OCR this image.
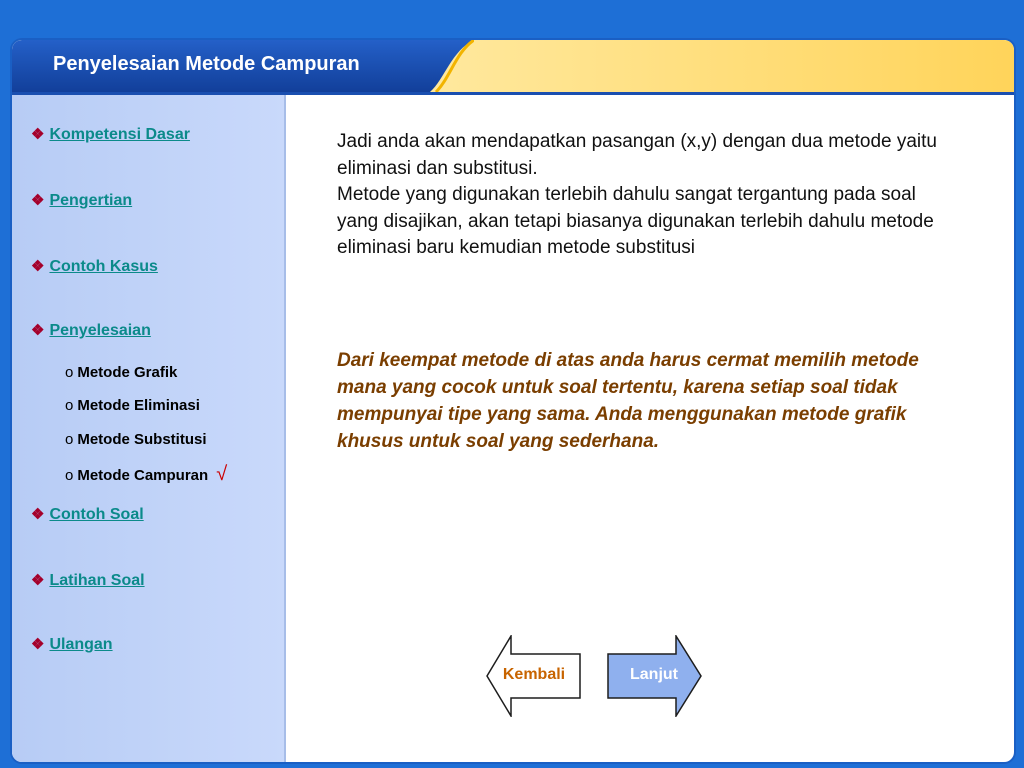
Penyelesaian Metode Campuran
❖ Kompetensi Dasar
❖ Pengertian
❖ Contoh Kasus
❖ Penyelesaian
o Metode Grafik
o Metode Eliminasi
o Metode Substitusi
o Metode Campuran √
❖ Contoh Soal
❖ Latihan Soal
❖ Ulangan

Jadi anda akan mendapatkan pasangan (x,y) dengan dua metode yaitu eliminasi dan substitusi.

Metode yang digunakan terlebih dahulu sangat tergantung pada soal yang disajikan, akan tetapi biasanya digunakan terlebih dahulu metode eliminasi baru kemudian metode substitusi

Dari keempat metode di atas anda harus cermat memilih metode mana yang cocok untuk soal tertentu, karena setiap soal tidak mempunyai tipe yang sama. Anda menggunakan metode grafik khusus untuk soal yang sederhana.
Kembali	Lanjut
